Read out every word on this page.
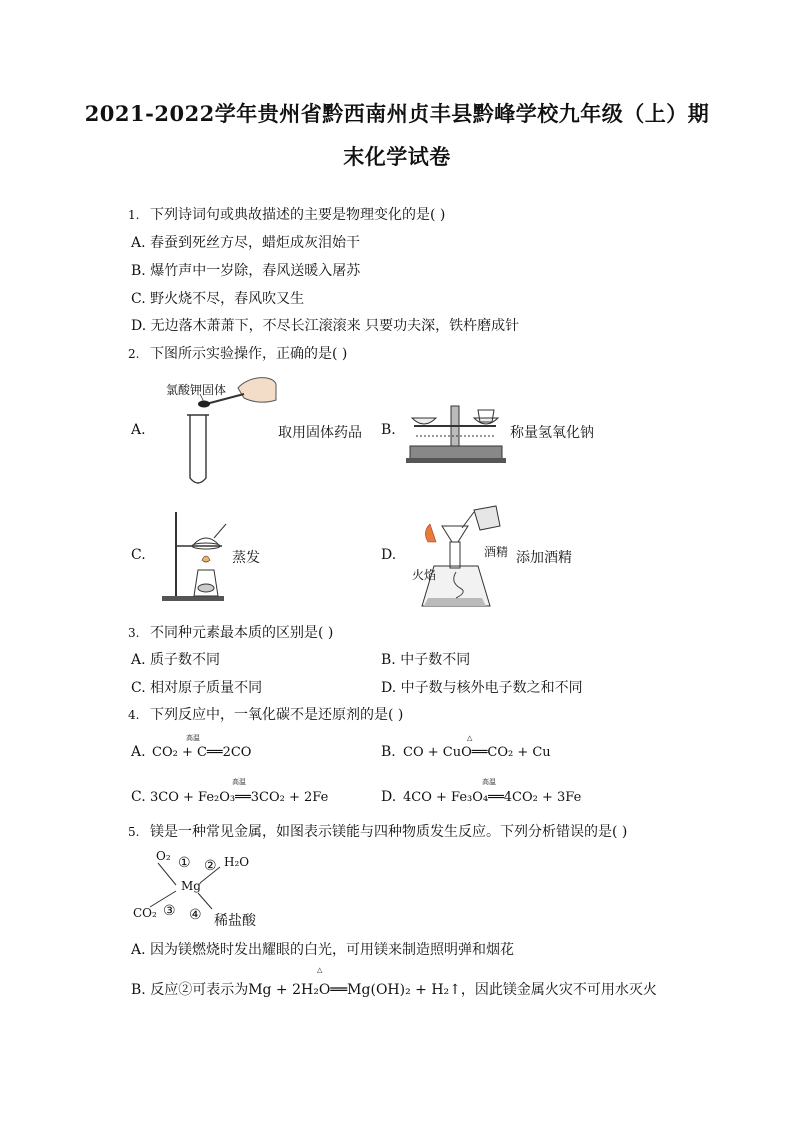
2021-2022学年贵州省黔西南州贞丰县黔峰学校九年级（上）期
末化学试卷
1. 下列诗词句或典故描述的主要是物理变化的是( )
A. 春蚕到死丝方尽，蜡炬成灰泪始干
B. 爆竹声中一岁除，春风送暖入屠苏
C. 野火烧不尽，春风吹又生
D. 无边落木萧萧下，不尽长江滚滚来 只要功夫深，铁杵磨成针
2. 下图所示实验操作，正确的是( )
A.
氯酸钾固体
取用固体药品 B.	称量氢氧化钠
C.	蒸发	D.
火焰
酒精 添加酒精
3. 不同种元素最本质的区别是( )
A. 质子数不同	B. 中子数不同
C. 相对原子质量不同	D. 中子数与核外电子数之和不同
4. 下列反应中，一氧化碳不是还原剂的是( )
A.
高温
CO₂ + C══2CO	B.
△
CO + CuO══CO₂ + Cu
C.
高温
3CO + Fe₂O₃══3CO₂ + 2Fe	D.
高温
4CO + Fe₃O₄══4CO₂ + 3Fe
5. 镁是一种常见金属，如图表示镁能与四种物质发生反应。下列分析错误的是( )
O₂ ① ② H₂O
Mg
CO₂ ③ ④ 稀盐酸
A. 因为镁燃烧时发出耀眼的白光，可用镁来制造照明弹和烟花
△
B. 反应②可表示为Mg + 2H₂O══Mg(OH)₂ + H₂↑，因此镁金属火灾不可用水灭火
